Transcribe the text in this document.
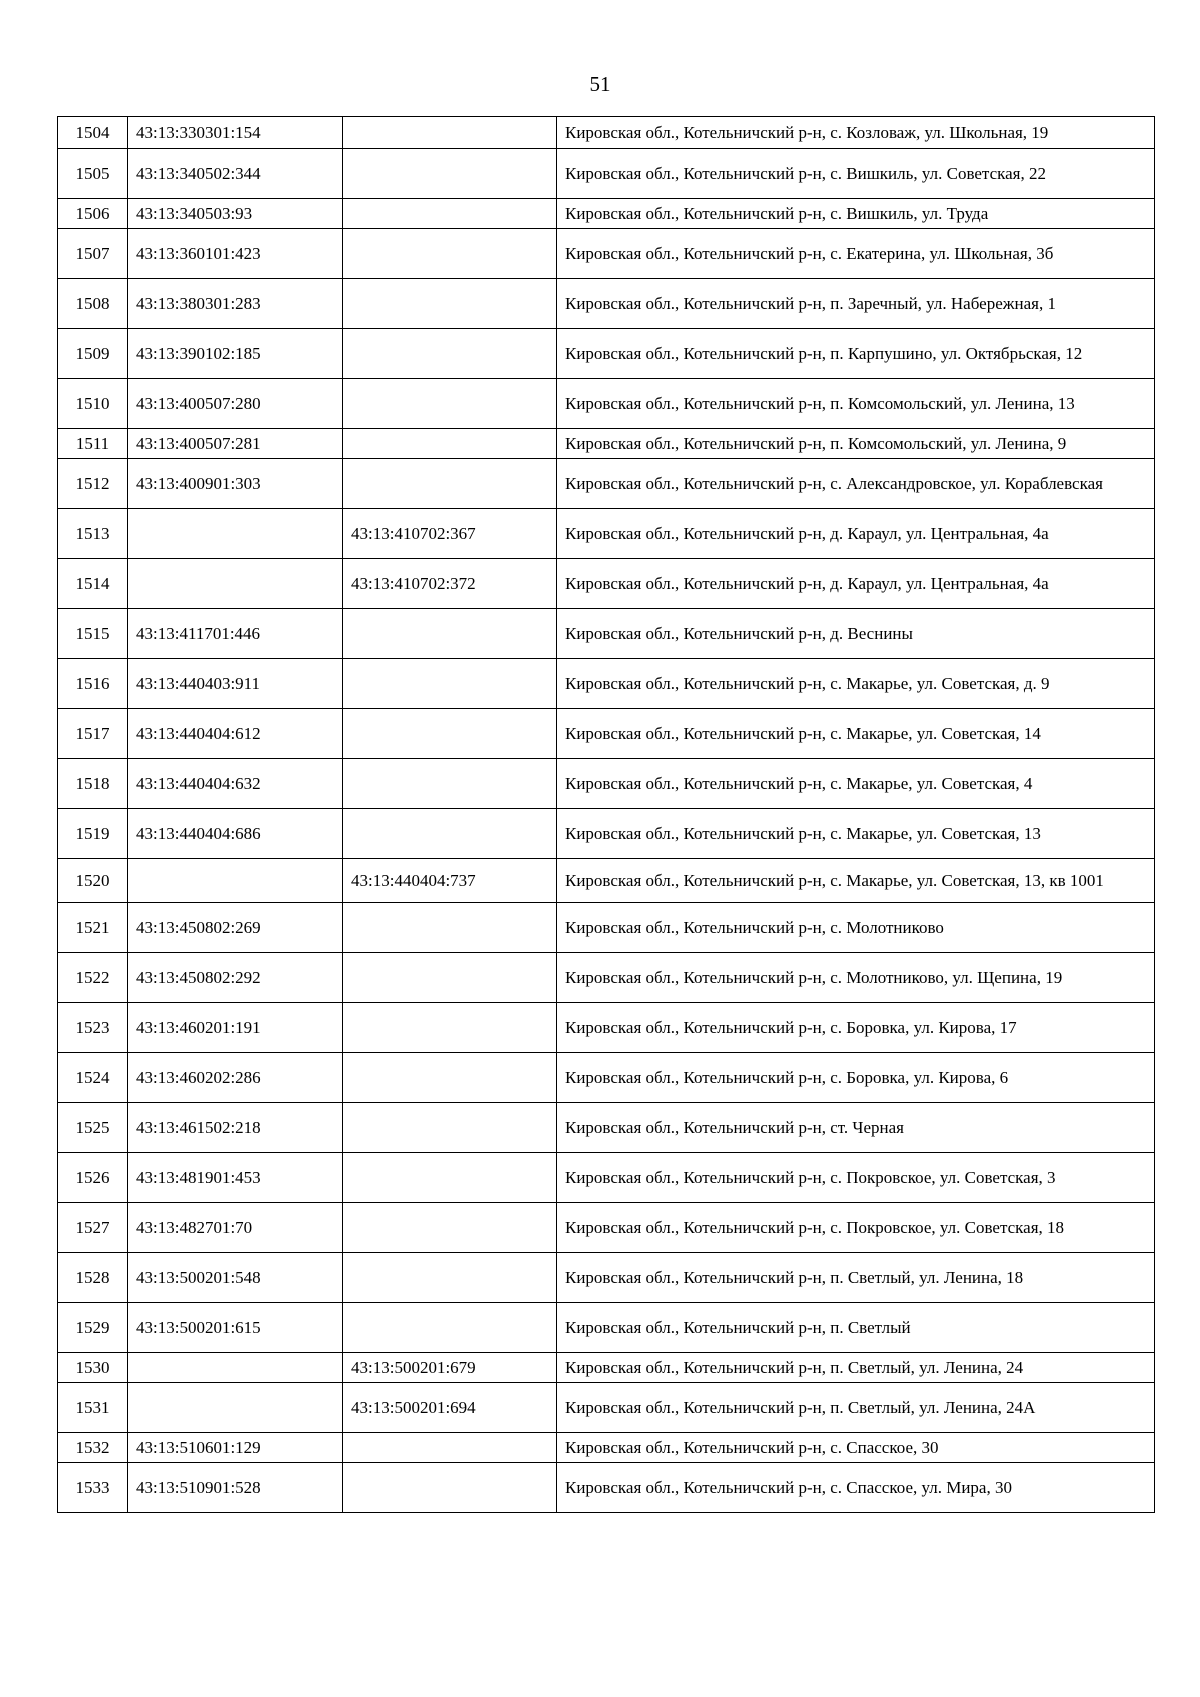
51
1504	43:13:330301:154		Кировская обл., Котельничский р-н, с. Козловаж, ул. Школьная, 19
1505	43:13:340502:344		Кировская обл., Котельничский р-н, с. Вишкиль, ул. Советская, 22
1506	43:13:340503:93		Кировская обл., Котельничский р-н, с. Вишкиль, ул. Труда
1507	43:13:360101:423		Кировская обл., Котельничский р-н, с. Екатерина, ул. Школьная, 3б
1508	43:13:380301:283		Кировская обл., Котельничский р-н, п. Заречный, ул. Набережная, 1
1509	43:13:390102:185		Кировская обл., Котельничский р-н, п. Карпушино, ул. Октябрьская, 12
1510	43:13:400507:280		Кировская обл., Котельничский р-н, п. Комсомольский, ул. Ленина, 13
1511	43:13:400507:281		Кировская обл., Котельничский р-н, п. Комсомольский, ул. Ленина, 9
1512	43:13:400901:303		Кировская обл., Котельничский р-н, с. Александровское, ул. Кораблевская
1513		43:13:410702:367	Кировская обл., Котельничский р-н, д. Караул, ул. Центральная, 4а
1514		43:13:410702:372	Кировская обл., Котельничский р-н, д. Караул, ул. Центральная, 4а
1515	43:13:411701:446		Кировская обл., Котельничский р-н, д. Веснины
1516	43:13:440403:911		Кировская обл., Котельничский р-н, с. Макарье, ул. Советская, д. 9
1517	43:13:440404:612		Кировская обл., Котельничский р-н, с. Макарье, ул. Советская, 14
1518	43:13:440404:632		Кировская обл., Котельничский р-н, с. Макарье, ул. Советская, 4
1519	43:13:440404:686		Кировская обл., Котельничский р-н, с. Макарье, ул. Советская, 13
1520		43:13:440404:737	Кировская обл., Котельничский р-н, с. Макарье, ул. Советская, 13, кв 1001
1521	43:13:450802:269		Кировская обл., Котельничский р-н, с. Молотниково
1522	43:13:450802:292		Кировская обл., Котельничский р-н, с. Молотниково, ул. Щепина, 19
1523	43:13:460201:191		Кировская обл., Котельничский р-н, с. Боровка, ул. Кирова, 17
1524	43:13:460202:286		Кировская обл., Котельничский р-н, с. Боровка, ул. Кирова, 6
1525	43:13:461502:218		Кировская обл., Котельничский р-н, ст. Черная
1526	43:13:481901:453		Кировская обл., Котельничский р-н, с. Покровское, ул. Советская, 3
1527	43:13:482701:70		Кировская обл., Котельничский р-н, с. Покровское, ул. Советская, 18
1528	43:13:500201:548		Кировская обл., Котельничский р-н, п. Светлый, ул. Ленина, 18
1529	43:13:500201:615		Кировская обл., Котельничский р-н, п. Светлый
1530		43:13:500201:679	Кировская обл., Котельничский р-н, п. Светлый, ул. Ленина, 24
1531		43:13:500201:694	Кировская обл., Котельничский р-н, п. Светлый, ул. Ленина, 24А
1532	43:13:510601:129		Кировская обл., Котельничский р-н, с. Спасское, 30
1533	43:13:510901:528		Кировская обл., Котельничский р-н, с. Спасское, ул. Мира, 30
